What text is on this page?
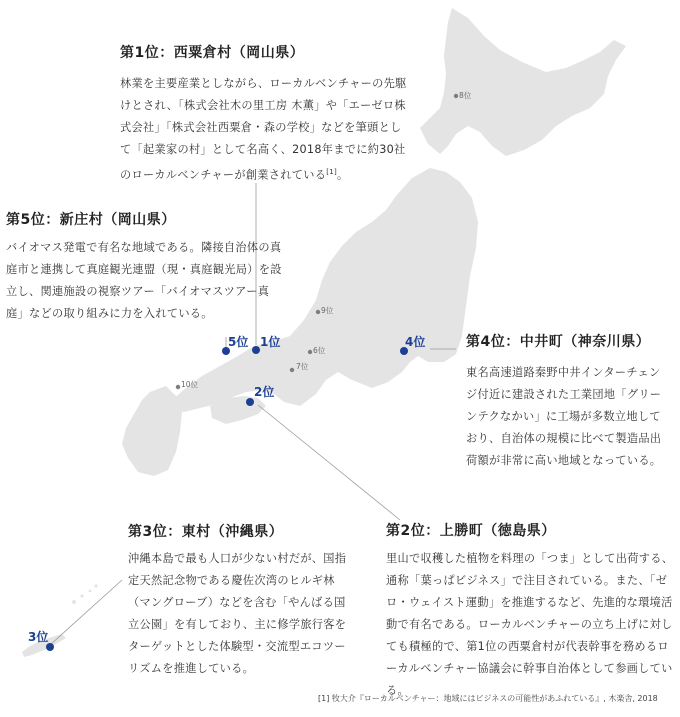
5位 1位	4位
2位
3位
8位
9位
6位
7位
10位
第1位：西粟倉村（岡山県）

林業を主要産業としながら、ローカルベンチャーの先駆けとされ、「株式会社木の里工房 木薫」や「エーゼロ株式会社」「株式会社西粟倉・森の学校」などを筆頭として「起業家の村」として名高く、2018年までに約30社のローカルベンチャーが創業されている[1]。

第5位：新庄村（岡山県）

バイオマス発電で有名な地域である。隣接自治体の真庭市と連携して真庭観光連盟（現・真庭観光局）を設立し、関連施設の視察ツアー「バイオマスツアー真庭」などの取り組みに力を入れている。

第4位：中井町（神奈川県）

東名高速道路秦野中井インターチェンジ付近に建設された工業団地「グリーンテクなかい」に工場が多数立地しており、自治体の規模に比べて製造品出荷額が非常に高い地域となっている。

第3位：東村（沖縄県）

沖縄本島で最も人口が少ない村だが、国指定天然記念物である慶佐次湾のヒルギ林（マングローブ）などを含む「やんばる国立公園」を有しており、主に修学旅行客をターゲットとした体験型・交流型エコツーリズムを推進している。

第2位：上勝町（徳島県）

里山で収穫した植物を料理の「つま」として出荷する、通称「葉っぱビジネス」で注目されている。また、「ゼロ・ウェイスト運動」を推進するなど、先進的な環境活動で有名である。ローカルベンチャーの立ち上げに対しても積極的で、第1位の西粟倉村が代表幹事を務めるローカルベンチャー協議会に幹事自治体として参画している。

[1] 牧大介『ローカルベンチャー：地域にはビジネスの可能性があふれている』, 木楽舎, 2018
